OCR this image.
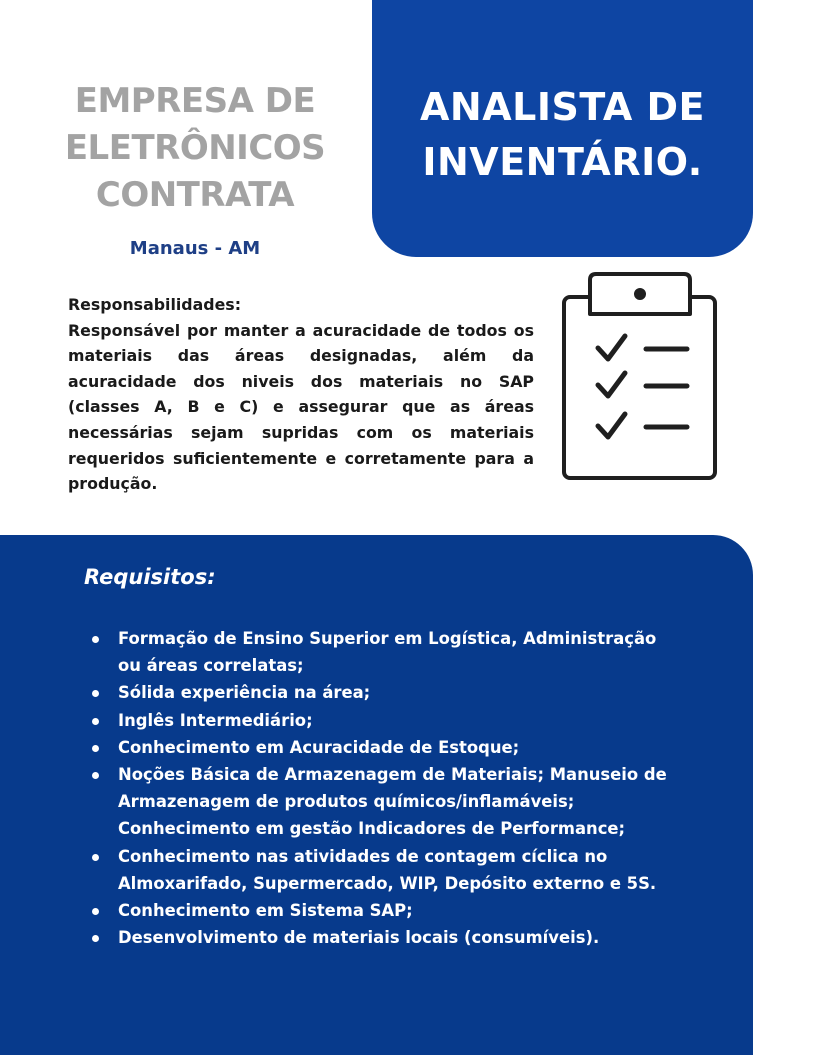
EMPRESA DE
ELETRÔNICOS
CONTRATA

Manaus - AM

ANALISTA DE
INVENTÁRIO.
Responsabilidades:
Responsável por manter a acuracidade de todos os materiais das áreas designadas, além da acuracidade dos niveis dos materiais no SAP (classes A, B e C) e assegurar que as áreas necessárias sejam supridas com os materiais requeridos suficientemente e corretamente para a produção.
Requisitos:
Formação de Ensino Superior em Logística, Administração ou áreas correlatas;
Sólida experiência na área;
Inglês Intermediário;
Conhecimento em Acuracidade de Estoque;
Noções Básica de Armazenagem de Materiais; Manuseio de Armazenagem de produtos químicos/inflamáveis; Conhecimento em gestão Indicadores de Performance;
Conhecimento nas atividades de contagem cíclica no Almoxarifado, Supermercado, WIP, Depósito externo e 5S.
Conhecimento em Sistema SAP;
Desenvolvimento de materiais locais (consumíveis).
